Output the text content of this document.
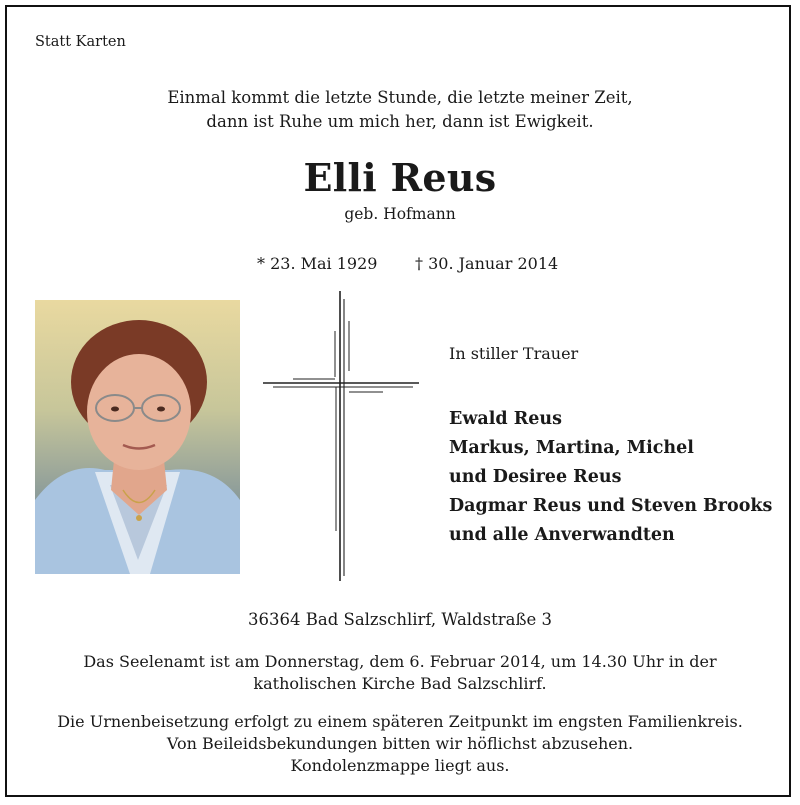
Statt Karten
Einmal kommt die letzte Stunde, die letzte meiner Zeit,
dann ist Ruhe um mich her, dann ist Ewigkeit.
Elli Reus
geb. Hofmann
* 23. Mai 1929 † 30. Januar 2014
In stiller Trauer
Ewald Reus
Markus, Martina, Michel
und Desiree Reus
Dagmar Reus und Steven Brooks
und alle Anverwandten
36364 Bad Salzschlirf, Waldstraße 3
Das Seelenamt ist am Donnerstag, dem 6. Februar 2014, um 14.30 Uhr in der
katholischen Kirche Bad Salzschlirf.
Die Urnenbeisetzung erfolgt zu einem späteren Zeitpunkt im engsten Familienkreis.
Von Beileidsbekundungen bitten wir höflichst abzusehen.
Kondolenzmappe liegt aus.
